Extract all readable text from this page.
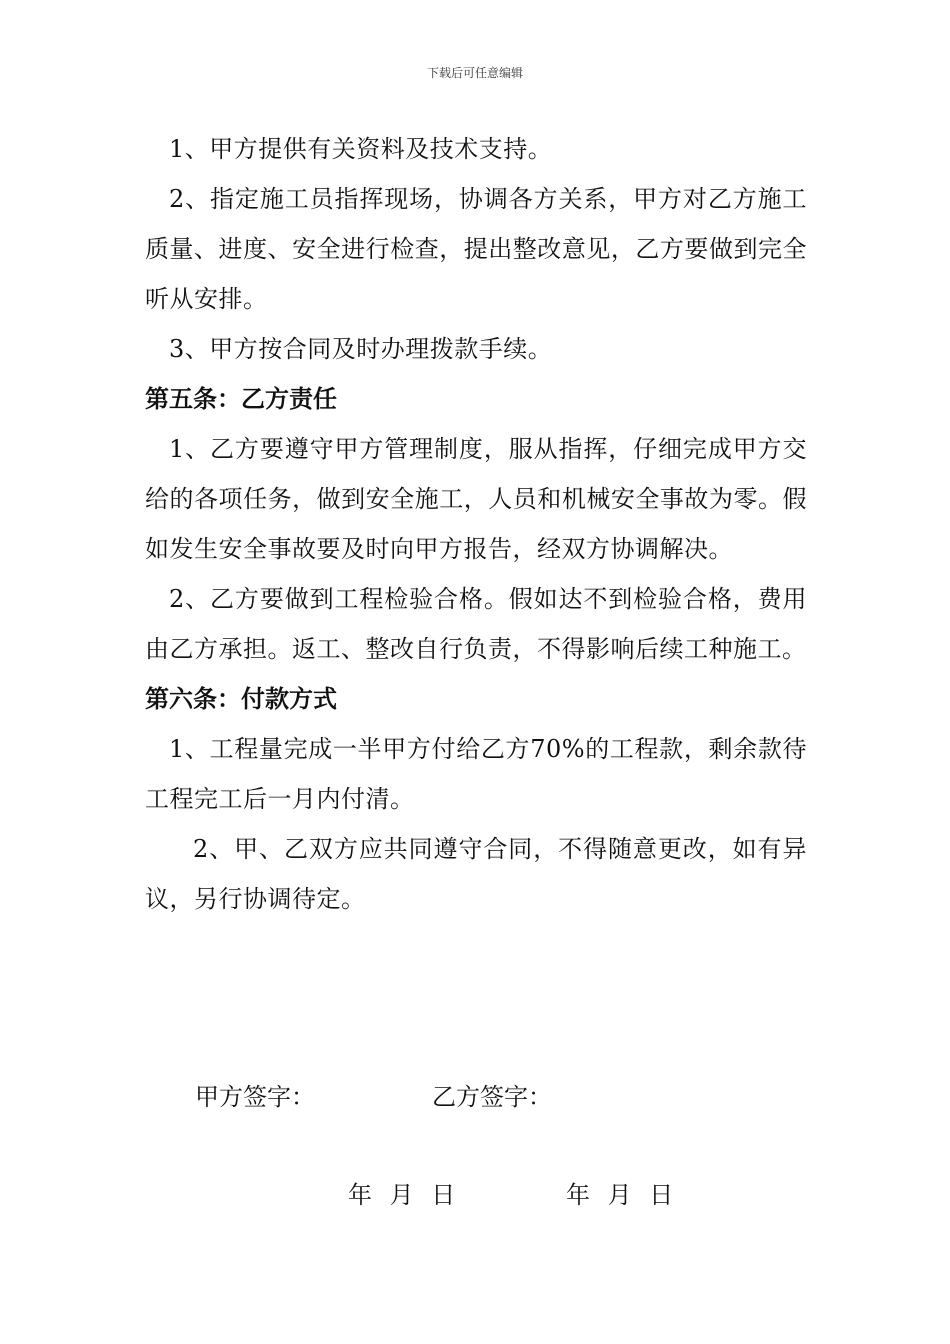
下载后可任意编辑

1、甲方提供有关资料及技术支持。

2、指定施工员指挥现场，协调各方关系，甲方对乙方施工质量、进度、安全进行检查，提出整改意见，乙方要做到完全听从安排。

3、甲方按合同及时办理拨款手续。

第五条：乙方责任

1、乙方要遵守甲方管理制度，服从指挥，仔细完成甲方交给的各项任务，做到安全施工，人员和机械安全事故为零。假如发生安全事故要及时向甲方报告，经双方协调解决。

2、乙方要做到工程检验合格。假如达不到检验合格，费用由乙方承担。返工、整改自行负责，不得影响后续工种施工。

第六条：付款方式

1、工程量完成一半甲方付给乙方70%的工程款，剩余款待工程完工后一月内付清。

2、甲、乙双方应共同遵守合同，不得随意更改，如有异议，另行协调待定。

甲方签字：	乙方签字：
年 月 日	年 月 日
